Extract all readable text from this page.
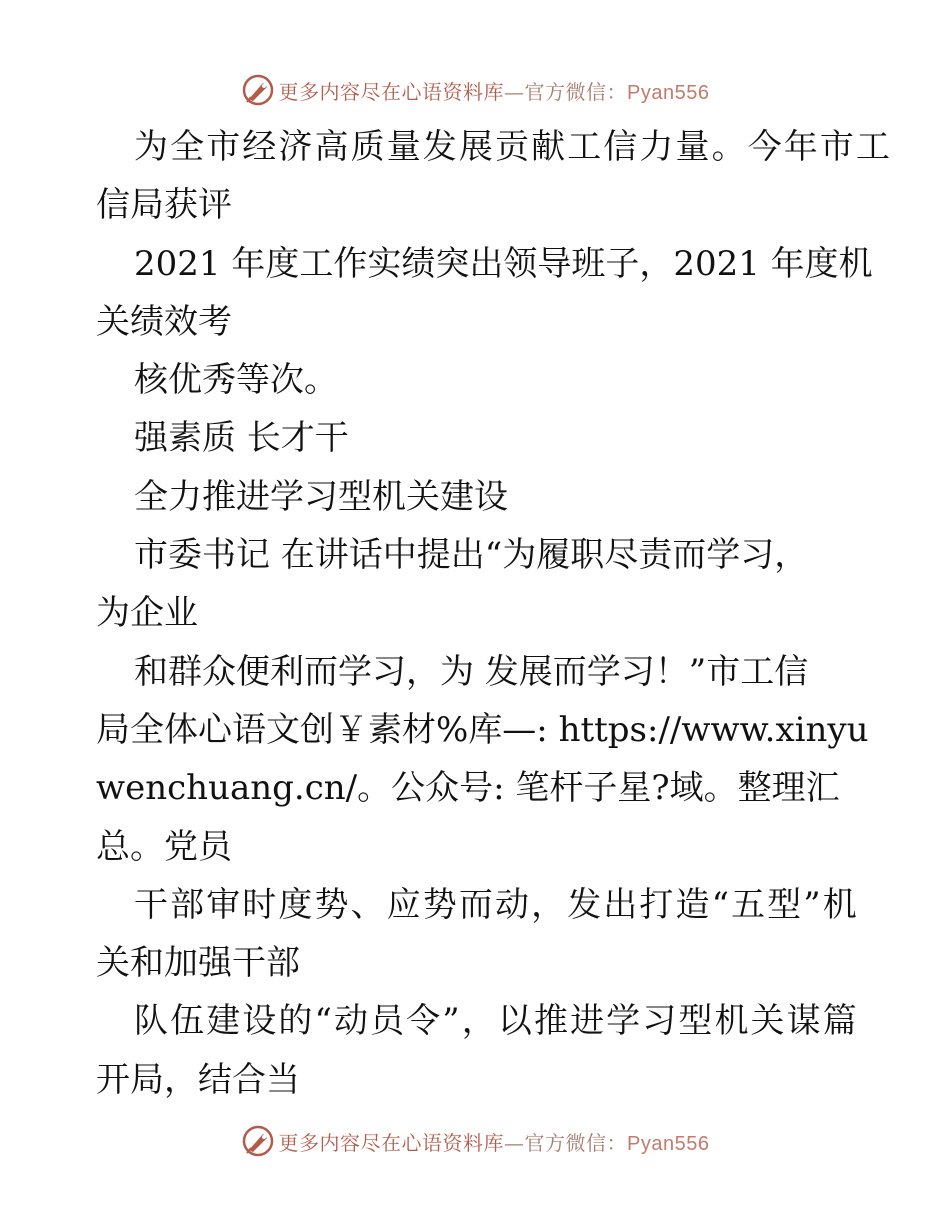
更多内容尽在心语资料库—官方微信：Pyan556
为全市经济高质量发展贡献工信力量。今年市工
信局获评
2021 年度工作实绩突出领导班子，2021 年度机
关绩效考
核优秀等次。
强素质 长才干
全力推进学习型机关建设
市委书记 在讲话中提出“为履职尽责而学习，
为企业
和群众便利而学习，为 发展而学习！”市工信
局全体心语文创￥素材%库—: https://www.xinyu
wenchuang.cn/。公众号: 笔杆子星?域。整理汇
总。党员
干部审时度势、应势而动，发出打造“五型”机
关和加强干部
队伍建设的“动员令”，以推进学习型机关谋篇
开局，结合当
更多内容尽在心语资料库—官方微信：Pyan556
